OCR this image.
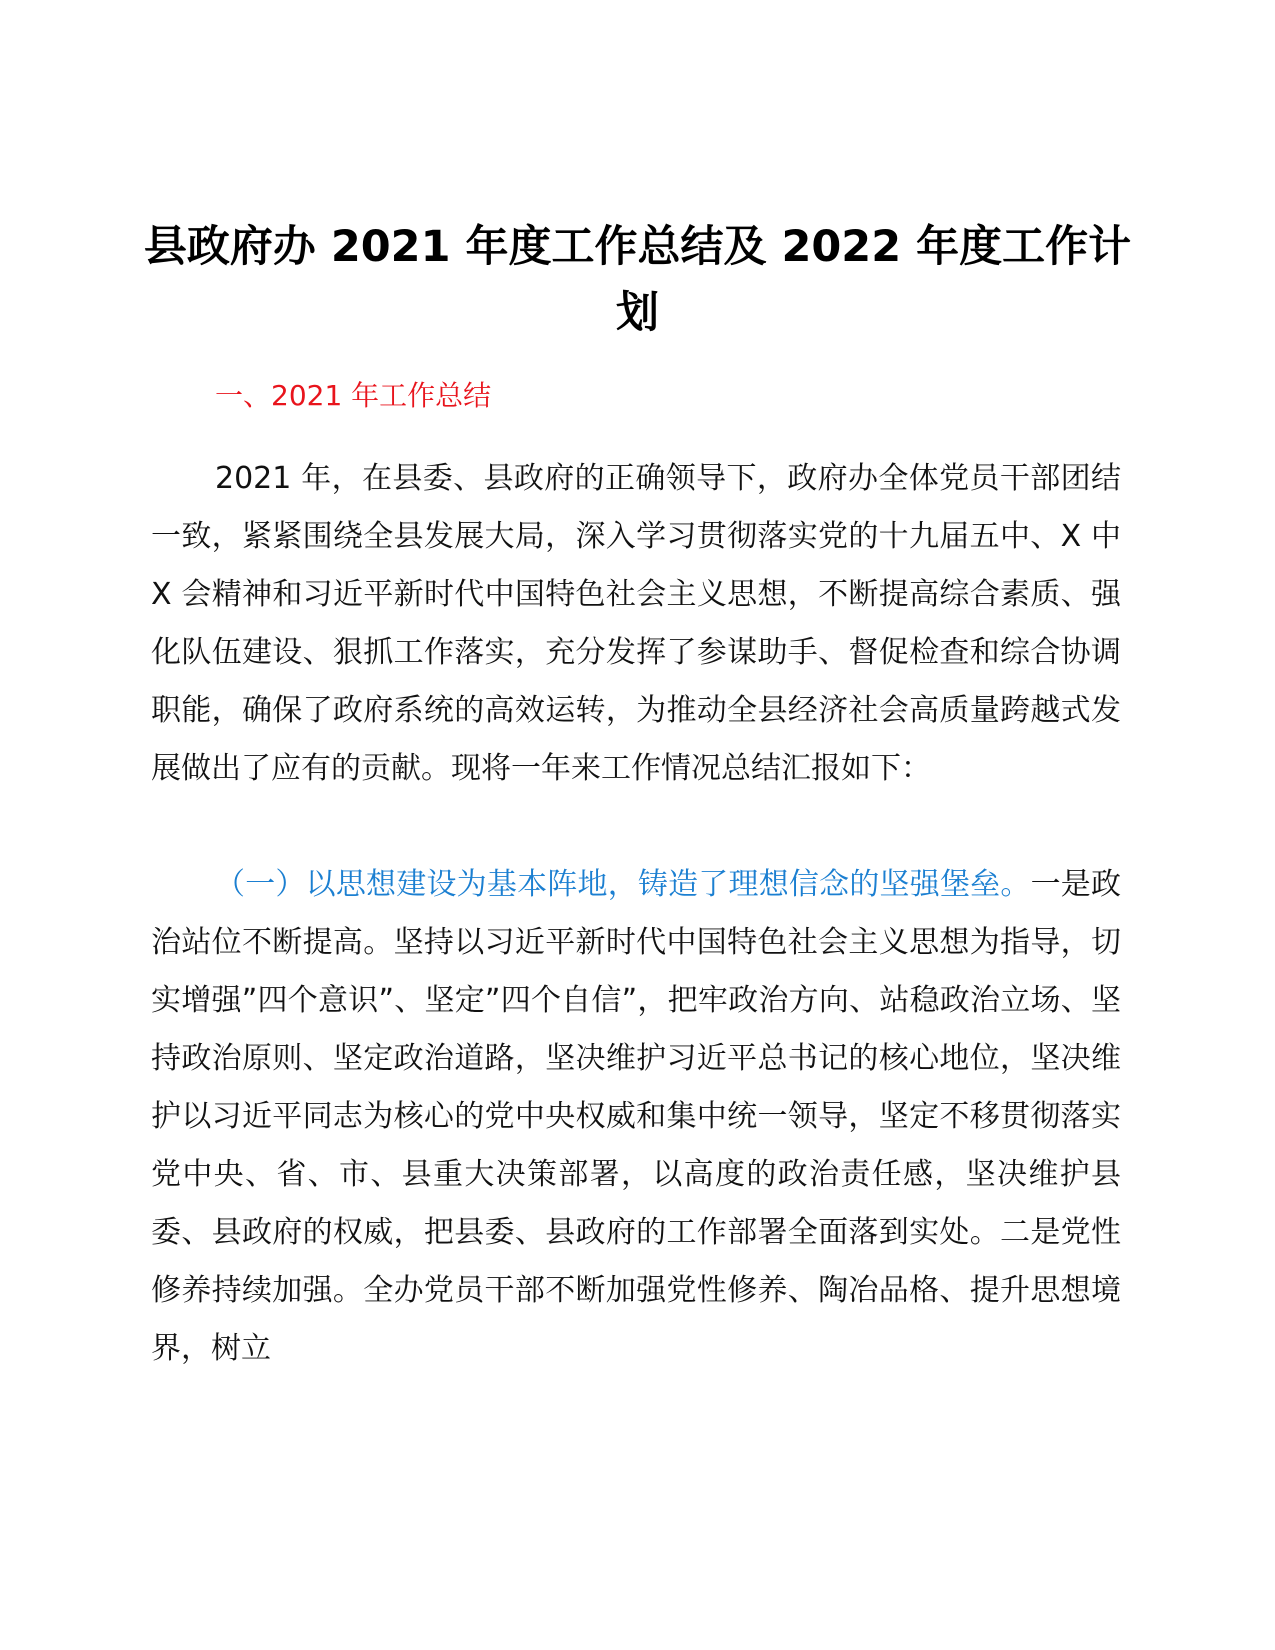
县政府办 2021 年度工作总结及 2022 年度工作计划

一、2021 年工作总结

2021 年，在县委、县政府的正确领导下，政府办全体党员干部团结一致，紧紧围绕全县发展大局，深入学习贯彻落实党的十九届五中、X 中 X 会精神和习近平新时代中国特色社会主义思想，不断提高综合素质、强化队伍建设、狠抓工作落实，充分发挥了参谋助手、督促检查和综合协调职能，确保了政府系统的高效运转，为推动全县经济社会高质量跨越式发展做出了应有的贡献。现将一年来工作情况总结汇报如下：

（一）以思想建设为基本阵地，铸造了理想信念的坚强堡垒。一是政治站位不断提高。坚持以习近平新时代中国特色社会主义思想为指导，切实增强”四个意识”、坚定”四个自信”，把牢政治方向、站稳政治立场、坚持政治原则、坚定政治道路，坚决维护习近平总书记的核心地位，坚决维护以习近平同志为核心的党中央权威和集中统一领导，坚定不移贯彻落实党中央、省、市、县重大决策部署，以高度的政治责任感，坚决维护县委、县政府的权威，把县委、县政府的工作部署全面落到实处。二是党性修养持续加强。全办党员干部不断加强党性修养、陶冶品格、提升思想境界，树立
